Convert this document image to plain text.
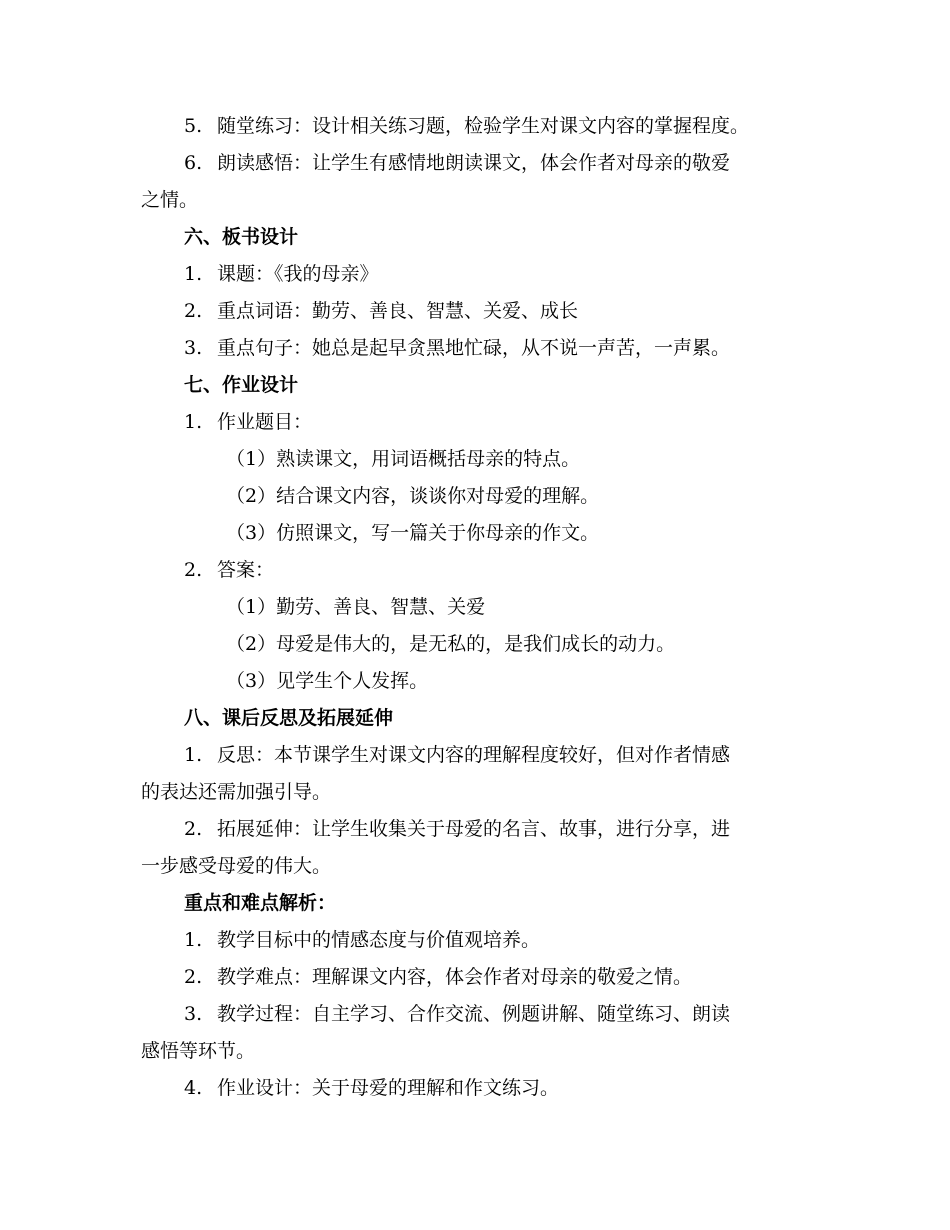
5. 随堂练习：设计相关练习题，检验学生对课文内容的掌握程度。
6. 朗读感悟：让学生有感情地朗读课文，体会作者对母亲的敬爱
之情。
六、板书设计
1. 课题：《我的母亲》
2. 重点词语：勤劳、善良、智慧、关爱、成长
3. 重点句子：她总是起早贪黑地忙碌，从不说一声苦，一声累。
七、作业设计
1. 作业题目：
（1）熟读课文，用词语概括母亲的特点。
（2）结合课文内容，谈谈你对母爱的理解。
（3）仿照课文，写一篇关于你母亲的作文。
2. 答案：
（1）勤劳、善良、智慧、关爱
（2）母爱是伟大的，是无私的，是我们成长的动力。
（3）见学生个人发挥。
八、课后反思及拓展延伸
1. 反思：本节课学生对课文内容的理解程度较好，但对作者情感
的表达还需加强引导。
2. 拓展延伸：让学生收集关于母爱的名言、故事，进行分享，进
一步感受母爱的伟大。
重点和难点解析：
1. 教学目标中的情感态度与价值观培养。
2. 教学难点：理解课文内容，体会作者对母亲的敬爱之情。
3. 教学过程：自主学习、合作交流、例题讲解、随堂练习、朗读
感悟等环节。
4. 作业设计：关于母爱的理解和作文练习。
